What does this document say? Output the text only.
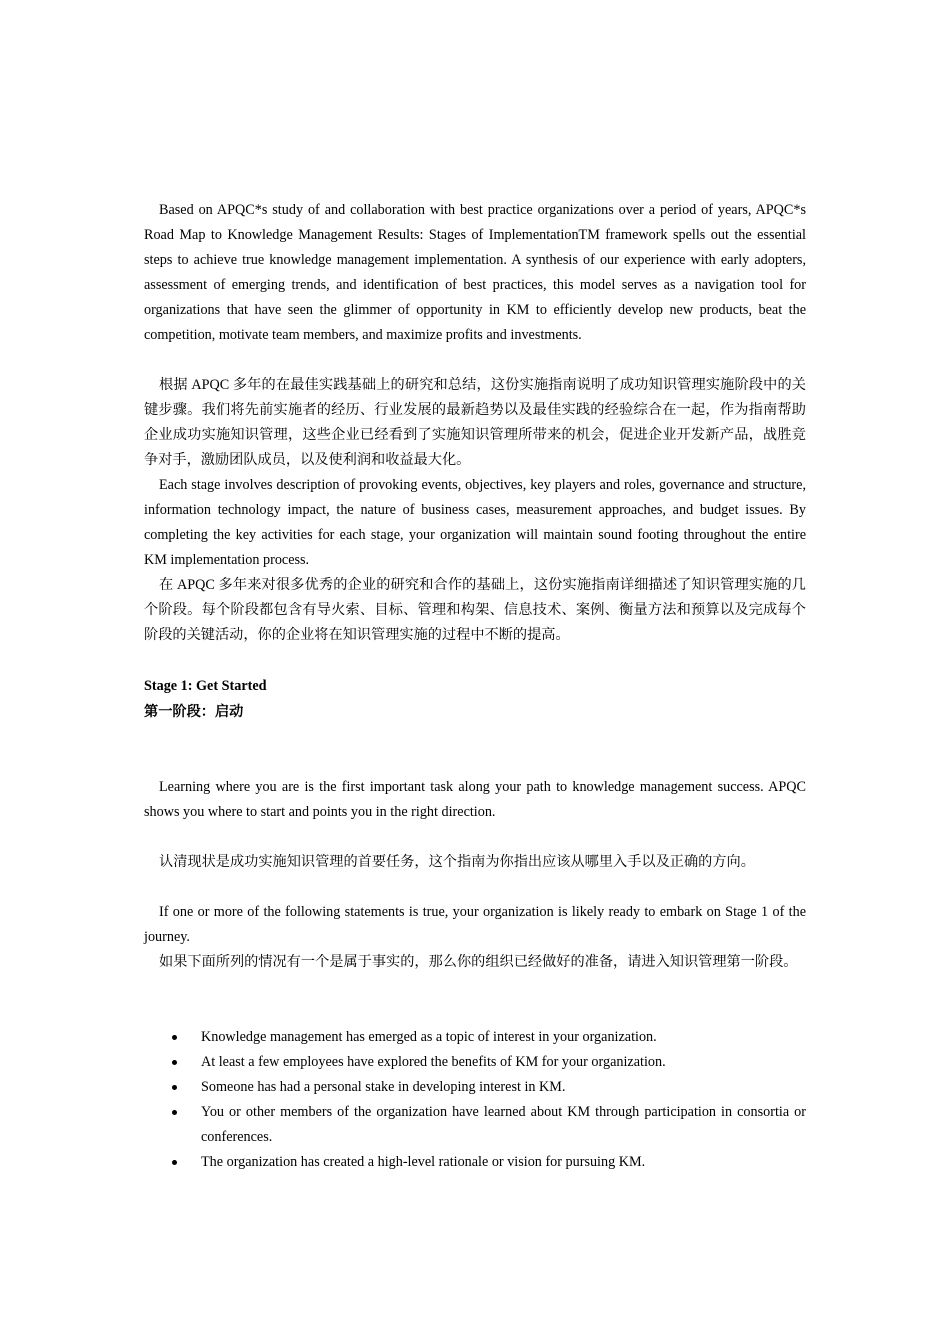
Based on APQC*s study of and collaboration with best practice organizations over a period of years, APQC*s Road Map to Knowledge Management Results: Stages of ImplementationTM framework spells out the essential steps to achieve true knowledge management implementation. A synthesis of our experience with early adopters, assessment of emerging trends, and identification of best practices, this model serves as a navigation tool for organizations that have seen the glimmer of opportunity in KM to efficiently develop new products, beat the competition, motivate team members, and maximize profits and investments.

根据 APQC 多年的在最佳实践基础上的研究和总结，这份实施指南说明了成功知识管理实施阶段中的关键步骤。我们将先前实施者的经历、行业发展的最新趋势以及最佳实践的经验综合在一起，作为指南帮助企业成功实施知识管理，这些企业已经看到了实施知识管理所带来的机会，促进企业开发新产品，战胜竞争对手，激励团队成员，以及使利润和收益最大化。

Each stage involves description of provoking events, objectives, key players and roles, governance and structure, information technology impact, the nature of business cases, measurement approaches, and budget issues. By completing the key activities for each stage, your organization will maintain sound footing throughout the entire KM implementation process.

在 APQC 多年来对很多优秀的企业的研究和合作的基础上，这份实施指南详细描述了知识管理实施的几个阶段。每个阶段都包含有导火索、目标、管理和构架、信息技术、案例、衡量方法和预算以及完成每个阶段的关键活动，你的企业将在知识管理实施的过程中不断的提高。

Stage 1: Get Started

第一阶段：启动

Learning where you are is the first important task along your path to knowledge management success. APQC shows you where to start and points you in the right direction.

认清现状是成功实施知识管理的首要任务，这个指南为你指出应该从哪里入手以及正确的方向。

If one or more of the following statements is true, your organization is likely ready to embark on Stage 1 of the journey.

如果下面所列的情况有一个是属于事实的，那么你的组织已经做好的准备，请进入知识管理第一阶段。

Knowledge management has emerged as a topic of interest in your organization.
At least a few employees have explored the benefits of KM for your organization.
Someone has had a personal stake in developing interest in KM.
You or other members of the organization have learned about KM through participation in consortia or conferences.
The organization has created a high-level rationale or vision for pursuing KM.
